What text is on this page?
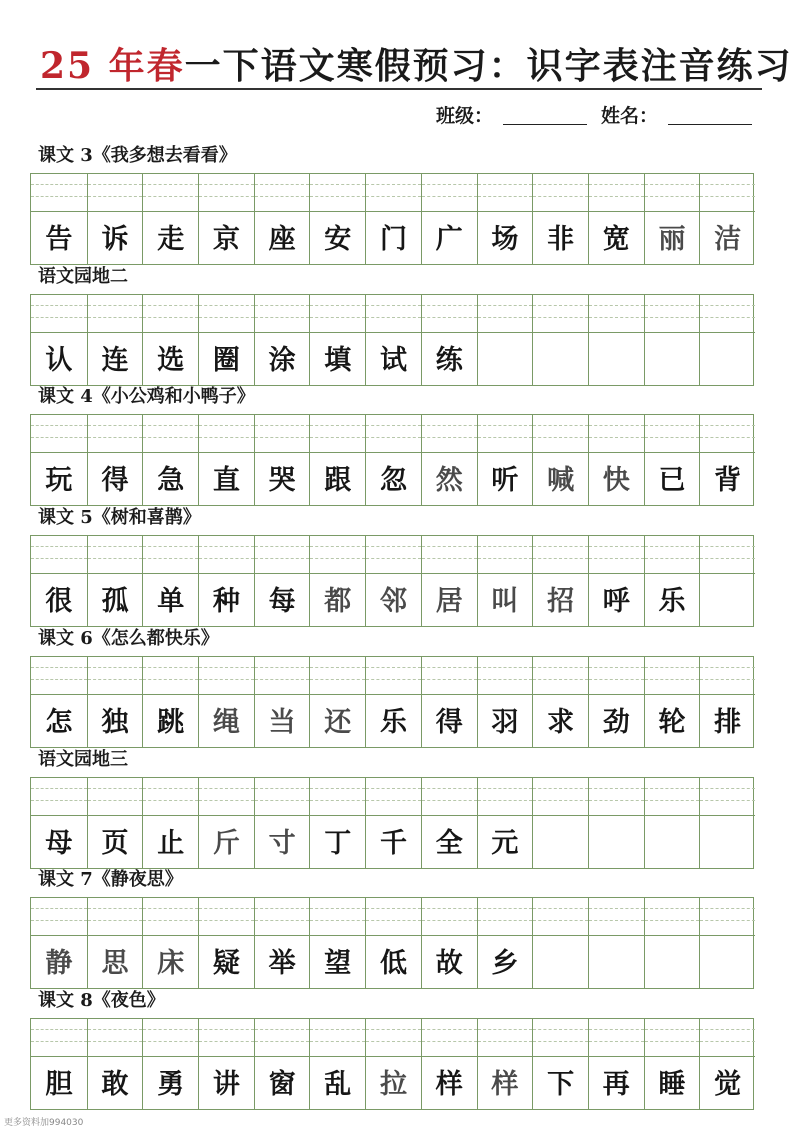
25 年春一下语文寒假预习：识字表注音练习
班级：	姓名：
课文 3《我多想去看看》
告	诉	走	京	座	安	门	广	场	非	宽	丽	洁
语文园地二
认	连	选	圈	涂	填	试	练
课文 4《小公鸡和小鸭子》
玩	得	急	直	哭	跟	忽	然	听	喊	快	已	背
课文 5《树和喜鹊》
很	孤	单	种	每	都	邻	居	叫	招	呼	乐
课文 6《怎么都快乐》
怎	独	跳	绳	当	还	乐	得	羽	求	劲	轮	排
语文园地三
母	页	止	斤	寸	丁	千	全	元
课文 7《静夜思》
静	思	床	疑	举	望	低	故	乡
课文 8《夜色》
胆	敢	勇	讲	窗	乱	拉	样	样	下	再	睡	觉
更多资料加994030
